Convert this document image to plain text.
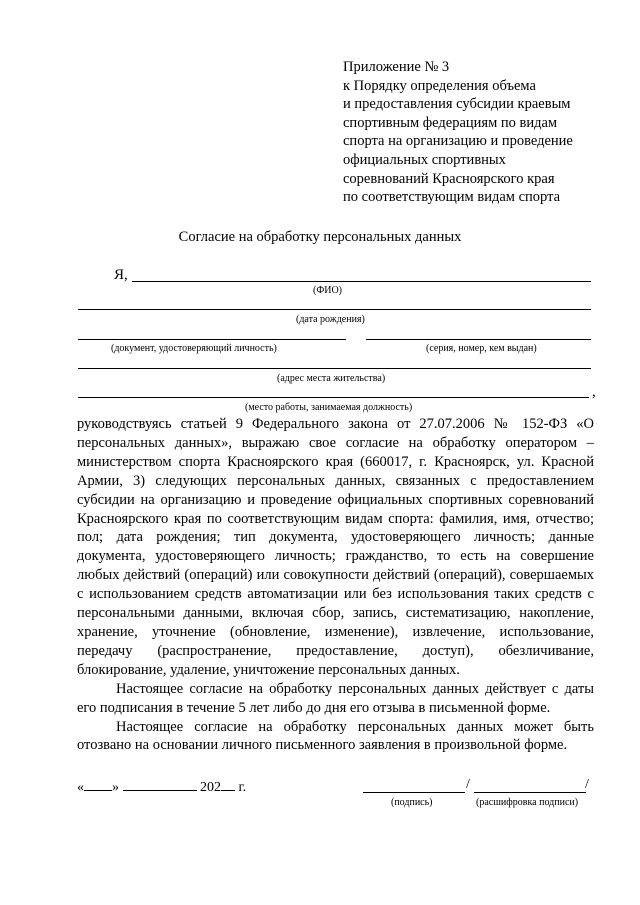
Приложение № 3
к Порядку определения объема
и предоставления субсидии краевым
спортивным федерациям по видам
спорта на организацию и проведение
официальных спортивных
соревнований Красноярского края
по соответствующим видам спорта
Согласие на обработку персональных данных
Я,
(ФИО)
(дата рождения)
(документ, удостоверяющий личность)	(серия, номер, кем выдан)
(адрес места жительства)
,
(место работы, занимаемая должность)

руководствуясь статьей 9 Федерального закона от 27.07.2006 № 152-ФЗ «О персональных данных», выражаю свое согласие на обработку оператором – министерством спорта Красноярского края (660017, г. Красноярск, ул. Красной Армии, 3) следующих персональных данных, связанных с предоставлением субсидии на организацию и проведение официальных спортивных соревнований Красноярского края по соответствующим видам спорта: фамилия, имя, отчество; пол; дата рождения; тип документа, удостоверяющего личность; данные документа, удостоверяющего личность; гражданство, то есть на совершение любых действий (операций) или совокупности действий (операций), совершаемых с использованием средств автоматизации или без использования таких средств с персональными данными, включая сбор, запись, систематизацию, накопление, хранение, уточнение (обновление, изменение), извлечение, использование, передачу (распространение, предоставление, доступ), обезличивание, блокирование, удаление, уничтожение персональных данных.

Настоящее согласие на обработку персональных данных действует с даты его подписания в течение 5 лет либо до дня его отзыва в письменной форме.

Настоящее согласие на обработку персональных данных может быть отозвано на основании личного письменного заявления в произвольной форме.

« »	202 г.	/	/
(подпись)	(расшифровка подписи)
